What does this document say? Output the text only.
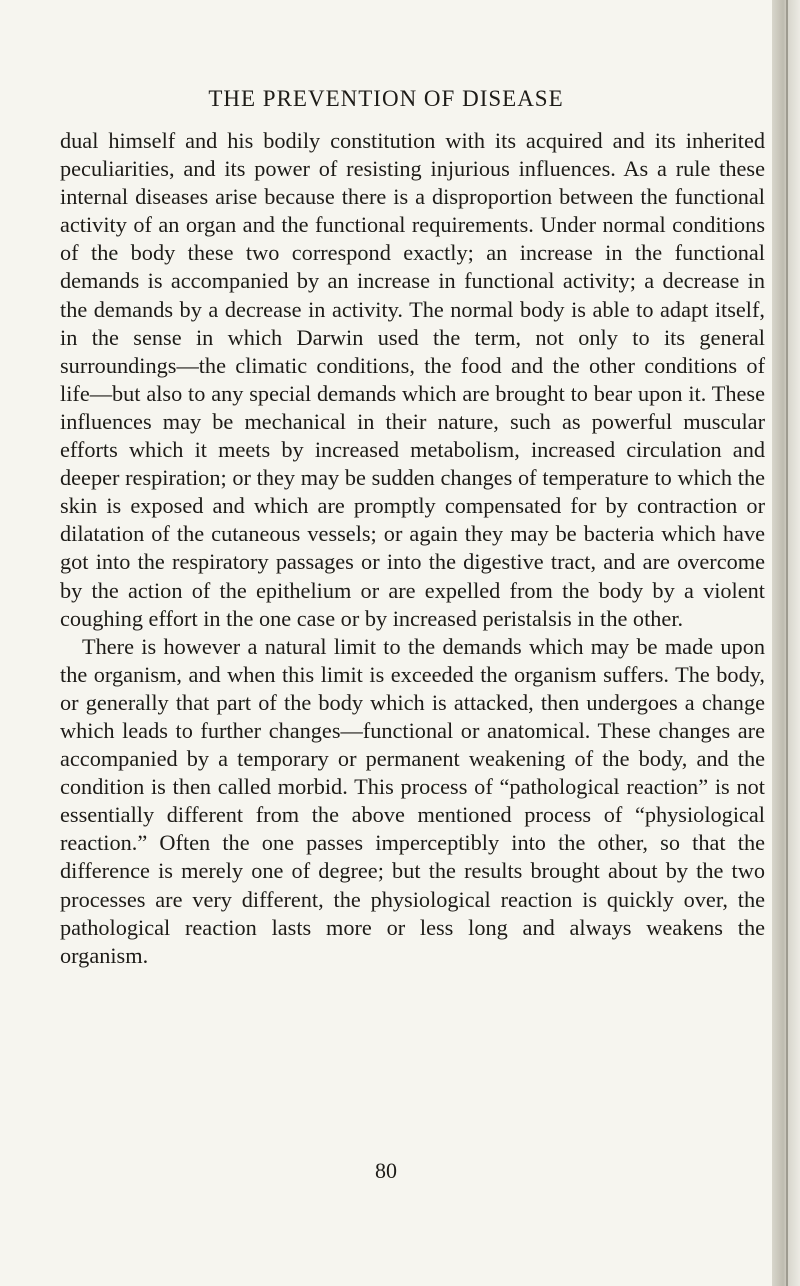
THE PREVENTION OF DISEASE

dual himself and his bodily constitution with its acquired and its inherited peculiarities, and its power of resisting injurious influences. As a rule these internal diseases arise because there is a disproportion between the functional activity of an organ and the functional requirements. Under normal conditions of the body these two correspond exactly; an increase in the functional demands is accompanied by an increase in functional activity; a decrease in the demands by a decrease in activity. The normal body is able to adapt itself, in the sense in which Darwin used the term, not only to its general surroundings—the climatic conditions, the food and the other conditions of life—but also to any special demands which are brought to bear upon it. These influences may be mechanical in their nature, such as powerful muscular efforts which it meets by increased metabolism, increased circulation and deeper respiration; or they may be sudden changes of temperature to which the skin is exposed and which are promptly compensated for by contraction or dilatation of the cutaneous vessels; or again they may be bacteria which have got into the respiratory passages or into the digestive tract, and are overcome by the action of the epithelium or are expelled from the body by a violent coughing effort in the one case or by increased peristalsis in the other.

There is however a natural limit to the demands which may be made upon the organism, and when this limit is exceeded the organism suffers. The body, or generally that part of the body which is attacked, then undergoes a change which leads to further changes—functional or anatomical. These changes are accompanied by a temporary or permanent weakening of the body, and the condition is then called morbid. This process of “pathological reaction” is not essentially different from the above mentioned process of “physiological reaction.” Often the one passes imperceptibly into the other, so that the difference is merely one of degree; but the results brought about by the two processes are very different, the physiological reaction is quickly over, the pathological reaction lasts more or less long and always weakens the organism.

80
